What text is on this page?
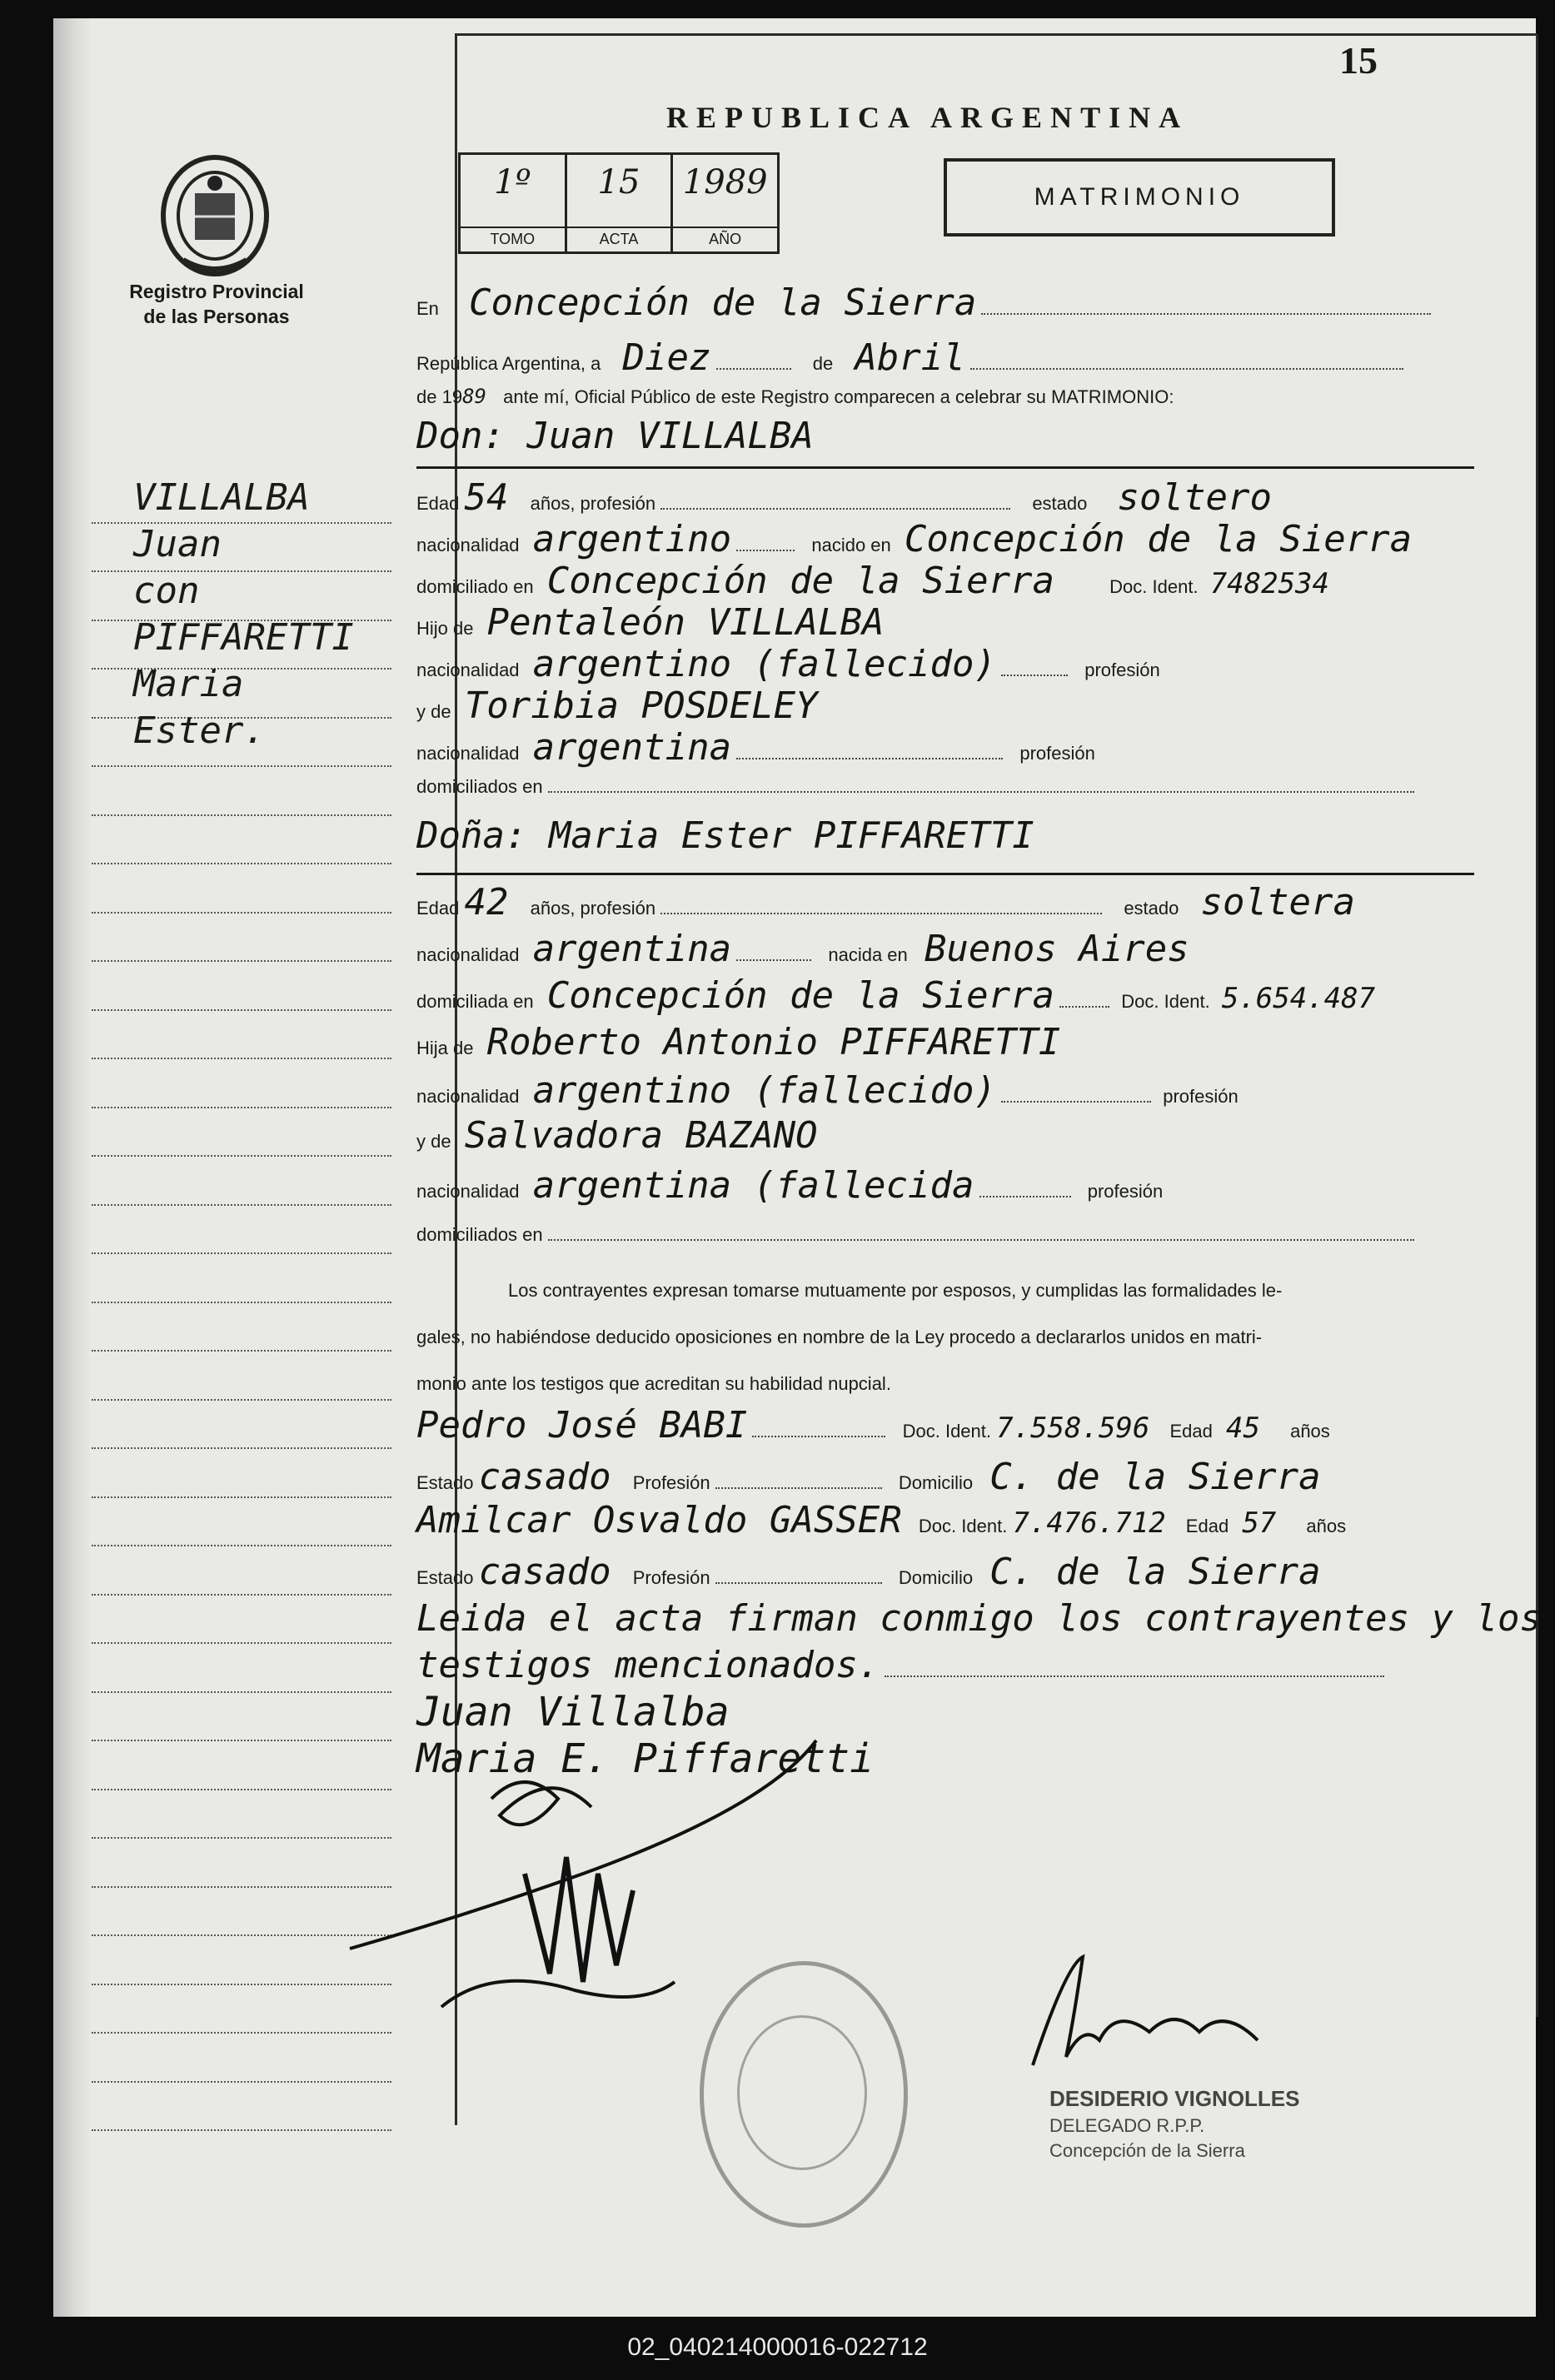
15
REPUBLICA ARGENTINA
1º
TOMO
15
ACTA
1989
AÑO
MATRIMONIO
Registro Provincial
de las Personas
VILLALBA
Juan
con
PIFFARETTI
Maria
Ester.
En Concepción de la Sierra
República Argentina, a Diez	de Abril
de 1989 ante mí, Oficial Público de este Registro comparecen a celebrar su MATRIMONIO:
Don: Juan VILLALBA
Edad 54 años, profesión	estado soltero
nacionalidad argentino	nacido en Concepción de la Sierra
domiciliado en Concepción de la Sierra	Doc. Ident. 7482534
Hijo de Pentaleón VILLALBA
nacionalidad argentino (fallecido)	profesión
y de Toribia POSDELEY
nacionalidad argentina	profesión
domiciliados en
Doña: Maria Ester PIFFARETTI
Edad 42 años, profesión	estado soltera
nacionalidad argentina	nacida en Buenos Aires
domiciliada en Concepción de la Sierra	Doc. Ident. 5.654.487
Hija de Roberto Antonio PIFFARETTI
nacionalidad argentino (fallecido)	profesión
y de Salvadora BAZANO
nacionalidad argentina (fallecida	profesión
domiciliados en
Los contrayentes expresan tomarse mutuamente por esposos, y cumplidas las formalidades le-
gales, no habiéndose deducido oposiciones en nombre de la Ley procedo a declararlos unidos en matri-
monio ante los testigos que acreditan su habilidad nupcial.
Pedro José BABI	Doc. Ident. 7.558.596 Edad 45 años
Estado casado Profesión	Domicilio C. de la Sierra
Amilcar Osvaldo GASSER Doc. Ident. 7.476.712 Edad 57 años
Estado casado Profesión	Domicilio C. de la Sierra
Leida el acta firman conmigo los contrayentes y los
testigos mencionados.
Juan Villalba
Maria E. Piffaretti
DESIDERIO VIGNOLLES
DELEGADO R.P.P.
Concepción de la Sierra
02_040214000016-022712
